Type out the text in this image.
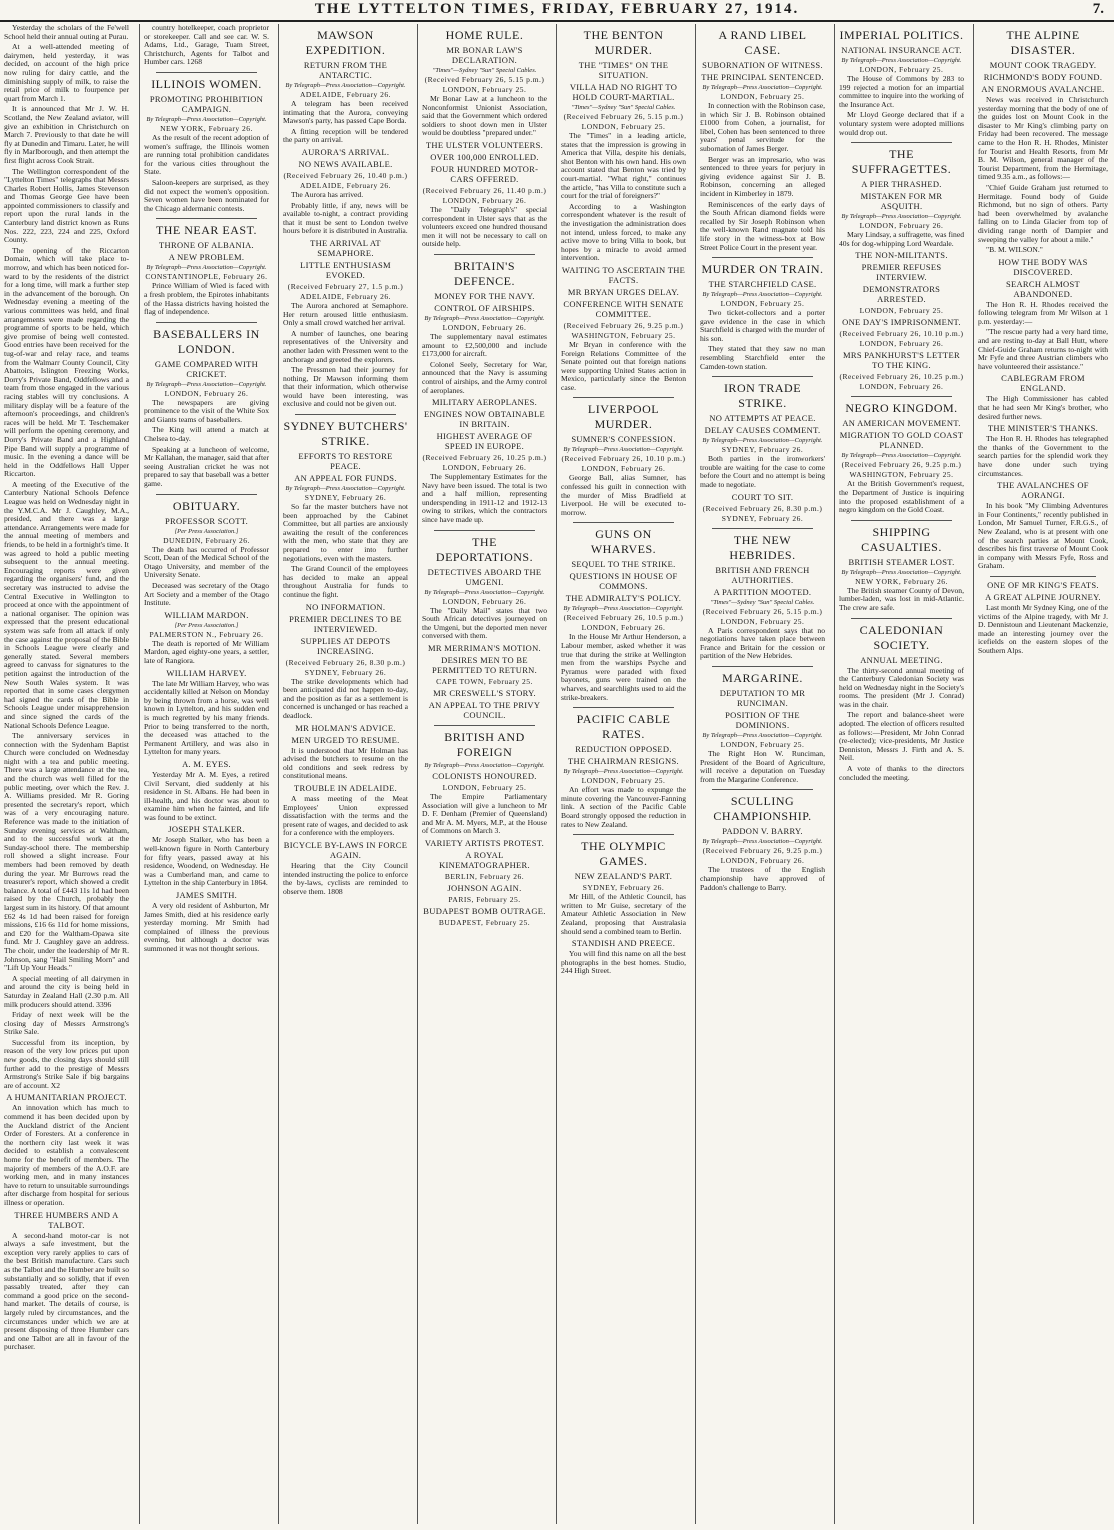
THE LYTTELTON TIMES, FRIDAY, FEBRUARY 27, 1914.	7.
Yesterday the scholars of the Fe'well School held their annual outing at Purau.
At a well-attended meeting of dairymen, held yesterday, it was decided, on account of the high price now ruling for dairy cattle, and the diminishing supply of milk, to raise the retail price of milk to fourpence per quart from March 1.
It is announced that Mr J. W. H. Scotland, the New Zealand aviator, will give an exhibition in Christchurch on March 7. Previously to that date he will fly at Dunedin and Timaru. Later, he will fly in Marlborough, and then attempt the first flight across Cook Strait.
The Wellington correspondent of the "Lyttelton Times" telegraphs that Messrs Charles Robert Hollis, James Stevenson and Thomas George Gee have been appointed commissioners to classify and report upon the rural lands in the Canterbury land district known as Runs Nos. 222, 223, 224 and 225, Oxford County.
The opening of the Riccarton Domain, which will take place to-morrow, and which has been noticed for-ward to by the residents of the district for a long time, will mark a further step in the advancement of the borough. On Wednesday evening a meeting of the various committees was held, and final arrangements were made regarding the programme of sports to be held, which give promise of being well contested. Good entries have been received for the tug-of-war and relay race, and teams from the Walmarr County Council, City Abattoirs, Islington Freezing Works, Dorry's Private Band, Oddfellows and a team from those engaged in the various racing stables will try conclusions. A military display will be a feature of the afternoon's proceedings, and children's races will be held. Mr T. Teschemaker will perform the opening ceremony, and Dorry's Private Band and a Highland Pipe Band will supply a programme of music. In the evening a dance will be held in the Oddfellows Hall Upper Riccarton.
A meeting of the Executive of the Canterbury National Schools Defence League was held on Wednesday night in the Y.M.C.A. Mr J. Caughley, M.A., presided, and there was a large attendance. Arrangements were made for the annual meeting of members and friends, to be held in a fortnight's time. It was agreed to hold a public meeting subsequent to the annual meeting. Encouraging reports were given regarding the organisers' fund, and the secretary was instructed to advise the Central Executive in Wellington to proceed at once with the appointment of a national organiser. The opinion was expressed that the present educational system was safe from all attack if only the case against the proposal of the Bible in Schools League were clearly and generally stated. Several members agreed to canvass for signatures to the petition against the introduction of the New South Wales system. It was reported that in some cases clergymen had signed the cards of the Bible in Schools League under misapprehension and since signed the cards of the National Schools Defence League.
The anniversary services in connection with the Sydenham Baptist Church were concluded on Wednesday night with a tea and public meeting. There was a large attendance at the tea, and the church was well filled for the public meeting, over which the Rev. J. A. Williams presided. Mr R. Goring presented the secretary's report, which was of a very encouraging nature. Reference was made to the initiation of Sunday evening services at Waltham, and to the successful work at the Sunday-school there. The membership roll showed a slight increase. Four members had been removed by death during the year. Mr Burrows read the treasurer's report, which showed a credit balance. A total of £443 11s 1d had been raised by the Church, probably the largest sum in its history. Of that amount £62 4s 1d had been raised for foreign missions, £16 6s 11d for home missions, and £20 for the Waltham-Opawa site fund. Mr J. Caughley gave an address. The choir, under the leadership of Mr R. Johnson, sang "Hail Smiling Morn" and "Lift Up Your Heads."
A special meeting of all dairymen in and around the city is being held in Saturday in Zealand Hall (2.30 p.m. All milk producers should attend. 3396
Friday of next week will be the closing day of Messrs Armstrong's Strike Sale.
Successful from its inception, by reason of the very low prices put upon new goods, the closing days should still further add to the prestige of Messrs Armstrong's Strike Sale if big bargains are of account. X2
A HUMANITARIAN PROJECT.
An innovation which has much to commend it has been decided upon by the Auckland district of the Ancient Order of Foresters. At a conference in the northern city last week it was decided to establish a convalescent home for the benefit of members. The majority of members of the A.O.F. are working men, and in many instances have to return to unsuitable surroundings after discharge from hospital for serious illness or operation.
THREE HUMBERS AND A TALBOT.
A second-hand motor-car is not always a safe investment, but the exception very rarely applies to cars of the best British manufacture. Cars such as the Talbot and the Humber are built so substantially and so solidly, that if even passably treated, after they can command a good price on the second-hand market. The details of course, is largely ruled by circumstances, and the circumstances under which we are at present disposing of three Humber cars and one Talbot are all in favour of the purchaser.
country hotelkeeper, coach proprietor or storekeeper. Call and see car. W. S. Adams, Ltd., Garage, Tuam Street, Christchurch, Agents for Talbot and Humber cars. 1268
ILLINOIS WOMEN.
PROMOTING PROHIBITION CAMPAIGN.
By Telegraph—Press Association—Copyright.
NEW YORK, February 26.
As the result of the recent adoption of women's suffrage, the Illinois women are running total prohibition candidates for the various cities throughout the State.
Saloon-keepers are surprised, as they did not expect the women's opposition. Seven women have been nominated for the Chicago aldermanic contests.
THE NEAR EAST.
THRONE OF ALBANIA.
A NEW PROBLEM.
By Telegraph—Press Association—Copyright.
CONSTANTINOPLE, February 26.
Prince William of Wied is faced with a fresh problem, the Epirotes inhabitants of the Hassa districts having hoisted the flag of independence.
BASEBALLERS IN LONDON.
GAME COMPARED WITH CRICKET.
By Telegraph—Press Association—Copyright.
LONDON, February 26.
The newspapers are giving prominence to the visit of the White Sox and Giants teams of baseballers.
The King will attend a match at Chelsea to-day.
Speaking at a luncheon of welcome, Mr Kallahan, the manager, said that after seeing Australian cricket he was not prepared to say that baseball was a better game.
OBITUARY.
PROFESSOR SCOTT.
[Per Press Association.]
DUNEDIN, February 26.
The death has occurred of Professor Scott, Dean of the Medical School of the Otago University, and member of the University Senate.
Deceased was secretary of the Otago Art Society and a member of the Otago Institute.
WILLIAM MARDON.
[Per Press Association.]
PALMERSTON N., February 26.
The death is reported of Mr William Mardon, aged eighty-one years, a settler, late of Rangiora.
WILLIAM HARVEY.
The late Mr William Harvey, who was accidentally killed at Nelson on Monday by being thrown from a horse, was well known in Lyttelton, and his sudden end is much regretted by his many friends. Prior to being transferred to the north, the deceased was attached to the Permanent Artillery, and was also in Lyttelton for many years.
A. M. EYES.
Yesterday Mr A. M. Eyes, a retired Civil Servant, died suddenly at his residence in St. Albans. He had been in ill-health, and his doctor was about to examine him when he fainted, and life was found to be extinct.
JOSEPH STALKER.
Mr Joseph Stalker, who has been a well-known figure in North Canterbury for fifty years, passed away at his residence, Woodend, on Wednesday. He was a Cumberland man, and came to Lyttelton in the ship Canterbury in 1864.
JAMES SMITH.
A very old resident of Ashburton, Mr James Smith, died at his residence early yesterday morning. Mr Smith had complained of illness the previous evening, but although a doctor was summoned it was not thought serious.
MAWSON EXPEDITION.
RETURN FROM THE ANTARCTIC.
By Telegraph—Press Association—Copyright.
ADELAIDE, February 26.
A telegram has been received intimating that the Aurora, conveying Mawson's party, has passed Cape Borda.
A fitting reception will be tendered the party on arrival.
AURORA'S ARRIVAL.
NO NEWS AVAILABLE.
(Received February 26, 10.40 p.m.)
ADELAIDE, February 26.
The Aurora has arrived.
Probably little, if any, news will be available to-night, a contract providing that it must be sent to London twelve hours before it is distributed in Australia.
THE ARRIVAL AT SEMAPHORE.
LITTLE ENTHUSIASM EVOKED.
(Received February 27, 1.5 p.m.)
ADELAIDE, February 26.
The Aurora anchored at Semaphore. Her return aroused little enthusiasm. Only a small crowd watched her arrival.
A number of launches, one bearing representatives of the University and another laden with Pressmen went to the anchorage and greeted the explorers.
The Pressmen had their journey for nothing, Dr Mawson informing them that their information, which otherwise would have been interesting, was exclusive and could not be given out.
SYDNEY BUTCHERS' STRIKE.
EFFORTS TO RESTORE PEACE.
AN APPEAL FOR FUNDS.
By Telegraph—Press Association—Copyright.
SYDNEY, February 26.
So far the master butchers have not been approached by the Cabinet Committee, but all parties are anxiously awaiting the result of the conferences with the men, who state that they are prepared to enter into further negotiations, even with the masters.
The Grand Council of the employees has decided to make an appeal throughout Australia for funds to continue the fight.
NO INFORMATION.
PREMIER DECLINES TO BE INTERVIEWED.
SUPPLIES AT DEPOTS INCREASING.
(Received February 26, 8.30 p.m.)
SYDNEY, February 26.
The strike developments which had been anticipated did not happen to-day, and the position as far as a settlement is concerned is unchanged or has reached a deadlock.
MR HOLMAN'S ADVICE.
MEN URGED TO RESUME.
It is understood that Mr Holman has advised the butchers to resume on the old conditions and seek redress by constitutional means.
TROUBLE IN ADELAIDE.
A mass meeting of the Meat Employees' Union expressed dissatisfaction with the terms and the present rate of wages, and decided to ask for a conference with the employers.
BICYCLE BY-LAWS IN FORCE AGAIN.
Hearing that the City Council intended instructing the police to enforce the by-laws, cyclists are reminded to observe them. 1808
HOME RULE.
MR BONAR LAW'S DECLARATION.
"Times"—Sydney "Sun" Special Cables.
(Received February 26, 5.15 p.m.)
LONDON, February 25.
Mr Bonar Law at a luncheon to the Nonconformist Unionist Association, said that the Government which ordered soldiers to shoot down men in Ulster would be doubtless "prepared under."
THE ULSTER VOLUNTEERS.
OVER 100,000 ENROLLED.
FOUR HUNDRED MOTOR-CARS OFFERED.
(Received February 26, 11.40 p.m.)
LONDON, February 26.
The "Daily Telegraph's" special correspondent in Ulster says that as the volunteers exceed one hundred thousand men it will not be necessary to call on outside help.
BRITAIN'S DEFENCE.
MONEY FOR THE NAVY.
CONTROL OF AIRSHIPS.
By Telegraph—Press Association—Copyright.
LONDON, February 26.
The supplementary naval estimates amount to £2,500,000 and include £173,000 for aircraft.
Colonel Seely, Secretary for War, announced that the Navy is assuming control of airships, and the Army control of aeroplanes.
MILITARY AEROPLANES.
ENGINES NOW OBTAINABLE IN BRITAIN.
HIGHEST AVERAGE OF SPEED IN EUROPE.
(Received February 26, 10.25 p.m.)
LONDON, February 26.
The Supplementary Estimates for the Navy have been issued. The total is two and a half million, representing underspending in 1911-12 and 1912-13 owing to strikes, which the contractors since have made up.
THE DEPORTATIONS.
DETECTIVES ABOARD THE UMGENI.
By Telegraph—Press Association—Copyright.
LONDON, February 26.
The "Daily Mail" states that two South African detectives journeyed on the Umgeni, but the deported men never conversed with them.
MR MERRIMAN'S MOTION.
DESIRES MEN TO BE PERMITTED TO RETURN.
CAPE TOWN, February 25.
MR CRESWELL'S STORY.
AN APPEAL TO THE PRIVY COUNCIL.
BRITISH AND FOREIGN
By Telegraph—Press Association—Copyright.
COLONISTS HONOURED.
LONDON, February 25.
The Empire Parliamentary Association will give a luncheon to Mr D. F. Denham (Premier of Queensland) and Mr A. M. Myers, M.P., at the House of Commons on March 3.
VARIETY ARTISTS PROTEST.
A ROYAL KINEMATOGRAPHER.
BERLIN, February 26.
JOHNSON AGAIN.
PARIS, February 25.
BUDAPEST BOMB OUTRAGE.
BUDAPEST, February 25.
THE BENTON MURDER.
THE "TIMES" ON THE SITUATION.
VILLA HAD NO RIGHT TO HOLD COURT-MARTIAL.
"Times"—Sydney "Sun" Special Cables.
(Received February 26, 5.15 p.m.)
LONDON, February 25.
The "Times" in a leading article, states that the impression is growing in America that Villa, despite his denials, shot Benton with his own hand. His own account stated that Benton was tried by court-martial. "What right," continues the article, "has Villa to constitute such a court for the trial of foreigners?"
According to a Washington correspondent whatever is the result of the investigation the administration does not intend, unless forced, to make any active move to bring Villa to book, but hopes by a miracle to avoid armed intervention.
WAITING TO ASCERTAIN THE FACTS.
MR BRYAN URGES DELAY.
CONFERENCE WITH SENATE COMMITTEE.
(Received February 26, 9.25 p.m.)
WASHINGTON, February 25.
Mr Bryan in conference with the Foreign Relations Committee of the Senate pointed out that foreign nations were supporting United States action in Mexico, particularly since the Benton case.
LIVERPOOL MURDER.
SUMNER'S CONFESSION.
By Telegraph—Press Association—Copyright.
(Received February 26, 10.10 p.m.)
LONDON, February 26.
George Ball, alias Sumner, has confessed his guilt in connection with the murder of Miss Bradfield at Liverpool. He will be executed to-morrow.
GUNS ON WHARVES.
SEQUEL TO THE STRIKE.
QUESTIONS IN HOUSE OF COMMONS.
THE ADMIRALTY'S POLICY.
By Telegraph—Press Association—Copyright.
(Received February 26, 10.5 p.m.)
LONDON, February 26.
In the House Mr Arthur Henderson, a Labour member, asked whether it was true that during the strike at Wellington men from the warships Psyche and Pyramus were paraded with fixed bayonets, guns were trained on the wharves, and searchlights used to aid the strike-breakers.
PACIFIC CABLE RATES.
REDUCTION OPPOSED.
THE CHAIRMAN RESIGNS.
By Telegraph—Press Association—Copyright.
LONDON, February 25.
An effort was made to expunge the minute covering the Vancouver-Fanning link. A section of the Pacific Cable Board strongly opposed the reduction in rates to New Zealand.
THE OLYMPIC GAMES.
NEW ZEALAND'S PART.
SYDNEY, February 26.
Mr Hill, of the Athletic Council, has written to Mr Guise, secretary of the Amateur Athletic Association in New Zealand, proposing that Australasia should send a combined team to Berlin.
STANDISH AND PREECE.
You will find this name on all the best photographs in the best homes. Studio, 244 High Street.
A RAND LIBEL CASE.
SUBORNATION OF WITNESS.
THE PRINCIPAL SENTENCED.
By Telegraph—Press Association—Copyright.
LONDON, February 25.
In connection with the Robinson case, in which Sir J. B. Robinson obtained £1000 from Cohen, a journalist, for libel, Cohen has been sentenced to three years' penal servitude for the subornation of James Berger.
Berger was an impresario, who was sentenced to three years for perjury in giving evidence against Sir J. B. Robinson, concerning an alleged incident in Kimberley in 1879.
Reminiscences of the early days of the South African diamond fields were recalled by Sir Joseph Robinson when the well-known Rand magnate told his life story in the witness-box at Bow Street Police Court in the present year.
MURDER ON TRAIN.
THE STARCHFIELD CASE.
By Telegraph—Press Association—Copyright.
LONDON, February 25.
Two ticket-collectors and a porter gave evidence in the case in which Starchfield is charged with the murder of his son.
They stated that they saw no man resembling Starchfield enter the Camden-town station.
IRON TRADE STRIKE.
NO ATTEMPTS AT PEACE.
DELAY CAUSES COMMENT.
By Telegraph—Press Association—Copyright.
SYDNEY, February 26.
Both parties in the ironworkers' trouble are waiting for the case to come before the Court and no attempt is being made to negotiate.
COURT TO SIT.
(Received February 26, 8.30 p.m.)
SYDNEY, February 26.
THE NEW HEBRIDES.
BRITISH AND FRENCH AUTHORITIES.
A PARTITION MOOTED.
"Times"—Sydney "Sun" Special Cables.
(Received February 26, 5.15 p.m.)
LONDON, February 25.
A Paris correspondent says that no negotiations have taken place between France and Britain for the cession or partition of the New Hebrides.
MARGARINE.
DEPUTATION TO MR RUNCIMAN.
POSITION OF THE DOMINIONS.
By Telegraph—Press Association—Copyright.
LONDON, February 25.
The Right Hon W. Runciman, President of the Board of Agriculture, will receive a deputation on Tuesday from the Margarine Conference.
SCULLING CHAMPIONSHIP.
PADDON V. BARRY.
By Telegraph—Press Association—Copyright.
(Received February 26, 9.25 p.m.)
LONDON, February 26.
The trustees of the English championship have approved of Paddon's challenge to Barry.
IMPERIAL POLITICS.
NATIONAL INSURANCE ACT.
By Telegraph—Press Association—Copyright.
LONDON, February 25.
The House of Commons by 283 to 199 rejected a motion for an impartial committee to inquire into the working of the Insurance Act.
Mr Lloyd George declared that if a voluntary system were adopted millions would drop out.
THE SUFFRAGETTES.
A PIER THRASHED.
MISTAKEN FOR MR ASQUITH.
By Telegraph—Press Association—Copyright.
LONDON, February 26.
Mary Lindsay, a suffragette, was fined 40s for dog-whipping Lord Weardale.
THE NON-MILITANTS.
PREMIER REFUSES INTERVIEW.
DEMONSTRATORS ARRESTED.
LONDON, February 25.
ONE DAY'S IMPRISONMENT.
(Received February 26, 10.10 p.m.)
LONDON, February 26.
MRS PANKHURST'S LETTER TO THE KING.
(Received February 26, 10.25 p.m.)
LONDON, February 26.
NEGRO KINGDOM.
AN AMERICAN MOVEMENT.
MIGRATION TO GOLD COAST PLANNED.
By Telegraph—Press Association—Copyright.
(Received February 26, 9.25 p.m.)
WASHINGTON, February 25.
At the British Government's request, the Department of Justice is inquiring into the proposed establishment of a negro kingdom on the Gold Coast.
SHIPPING CASUALTIES.
BRITISH STEAMER LOST.
By Telegraph—Press Association—Copyright.
NEW YORK, February 26.
The British steamer County of Devon, lumber-laden, was lost in mid-Atlantic. The crew are safe.
CALEDONIAN SOCIETY.
ANNUAL MEETING.
The thirty-second annual meeting of the Canterbury Caledonian Society was held on Wednesday night in the Society's rooms. The president (Mr J. Conrad) was in the chair.
The report and balance-sheet were adopted. The election of officers resulted as follows:—President, Mr John Conrad (re-elected); vice-presidents, Mr Justice Denniston, Messrs J. Firth and A. S. Neil.
A vote of thanks to the directors concluded the meeting.
THE ALPINE DISASTER.
MOUNT COOK TRAGEDY.
RICHMOND'S BODY FOUND.
AN ENORMOUS AVALANCHE.
News was received in Christchurch yesterday morning that the body of one of the guides lost on Mount Cook in the disaster to Mr King's climbing party on Friday had been recovered. The message came to the Hon R. H. Rhodes, Minister for Tourist and Health Resorts, from Mr B. M. Wilson, general manager of the Tourist Department, from the Hermitage, timed 9.35 a.m., as follows:—
"Chief Guide Graham just returned to Hermitage. Found body of Guide Richmond, but no sign of others. Party had been overwhelmed by avalanche falling on to Linda Glacier from top of dividing range north of Dampier and sweeping the valley for about a mile."
"B. M. WILSON."
HOW THE BODY WAS DISCOVERED.
SEARCH ALMOST ABANDONED.
The Hon R. H. Rhodes received the following telegram from Mr Wilson at 1 p.m. yesterday:—
"The rescue party had a very hard time, and are resting to-day at Ball Hutt, where Chief-Guide Graham returns to-night with Mr Fyfe and three Austrian climbers who have volunteered their assistance."
CABLEGRAM FROM ENGLAND.
The High Commissioner has cabled that he had seen Mr King's brother, who desired further news.
THE MINISTER'S THANKS.
The Hon R. H. Rhodes has telegraphed the thanks of the Government to the search parties for the splendid work they have done under such trying circumstances.
THE AVALANCHES OF AORANGI.
In his book "My Climbing Adventures in Four Continents," recently published in London, Mr Samuel Turner, F.R.G.S., of New Zealand, who is at present with one of the search parties at Mount Cook, describes his first traverse of Mount Cook in company with Messrs Fyfe, Ross and Graham.
ONE OF MR KING'S FEATS.
A GREAT ALPINE JOURNEY.
Last month Mr Sydney King, one of the victims of the Alpine tragedy, with Mr J. D. Dennistoun and Lieutenant Mackenzie, made an interesting journey over the icefields on the eastern slopes of the Southern Alps.
